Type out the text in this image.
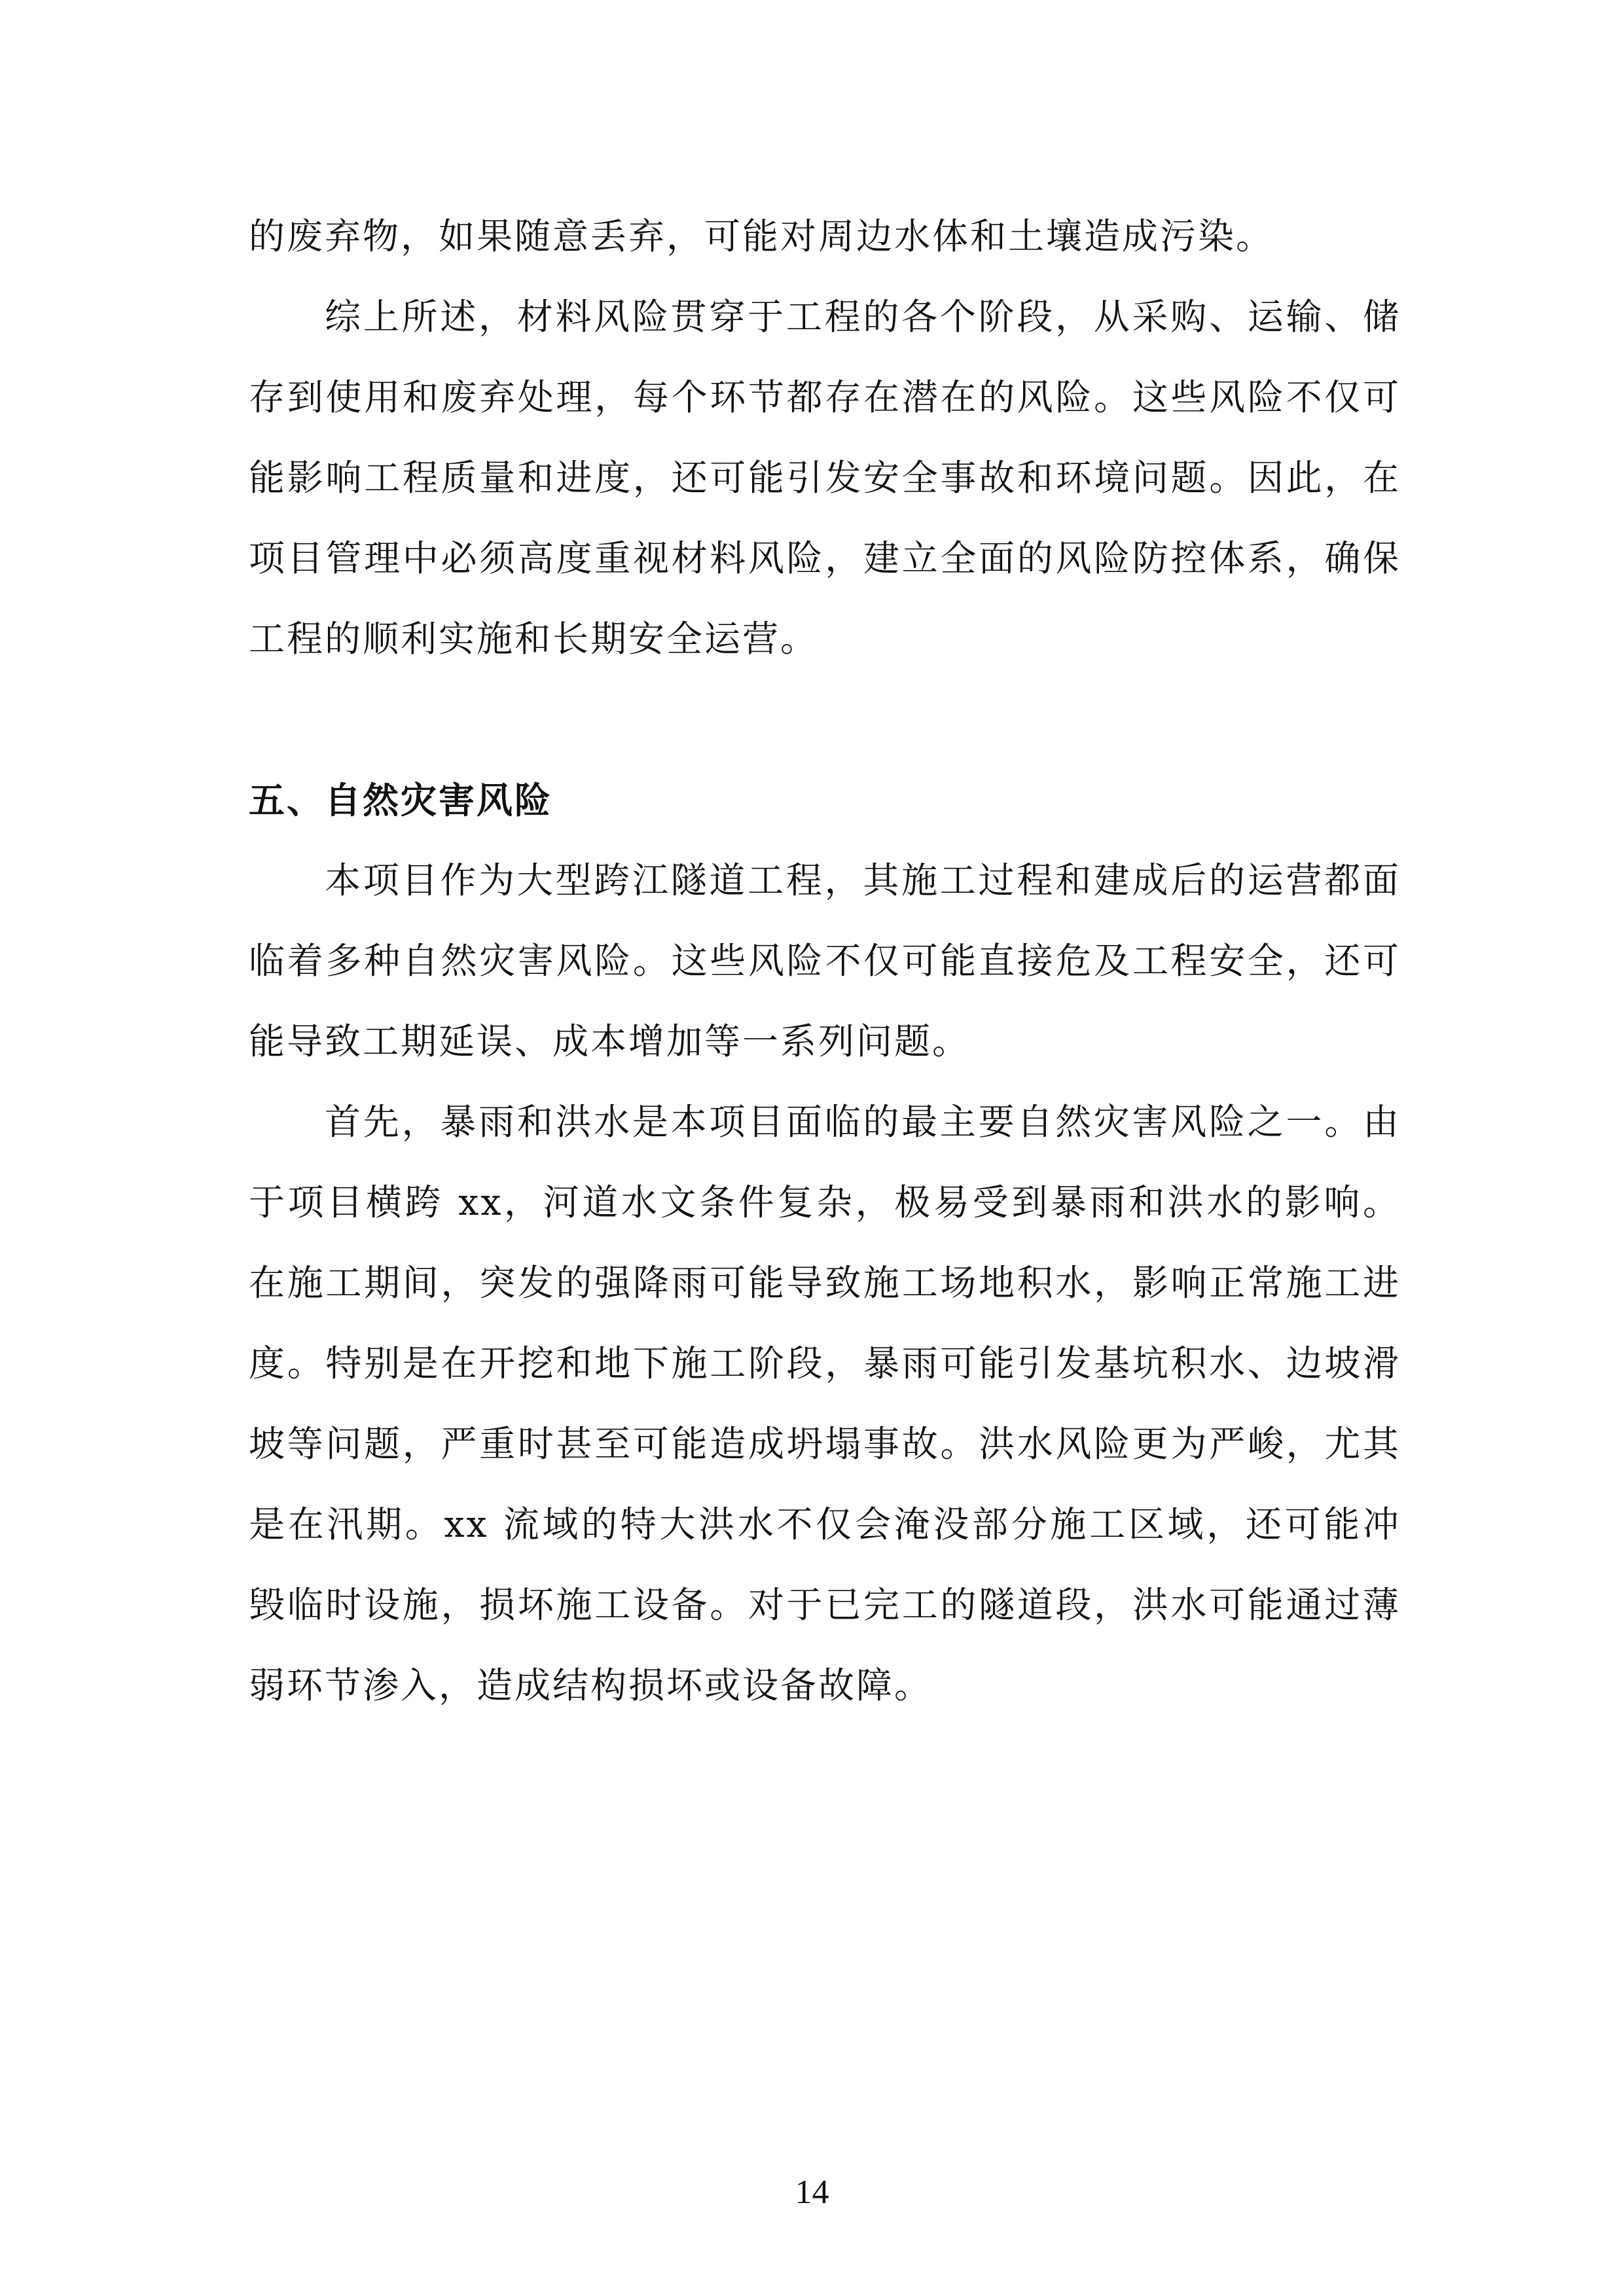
的废弃物，如果随意丢弃，可能对周边水体和土壤造成污染。

综上所述，材料风险贯穿于工程的各个阶段，从采购、运输、储存到使用和废弃处理，每个环节都存在潜在的风险。这些风险不仅可能影响工程质量和进度，还可能引发安全事故和环境问题。因此，在项目管理中必须高度重视材料风险，建立全面的风险防控体系，确保工程的顺利实施和长期安全运营。

五、自然灾害风险

本项目作为大型跨江隧道工程，其施工过程和建成后的运营都面临着多种自然灾害风险。这些风险不仅可能直接危及工程安全，还可能导致工期延误、成本增加等一系列问题。

首先，暴雨和洪水是本项目面临的最主要自然灾害风险之一。由于项目横跨 xx，河道水文条件复杂，极易受到暴雨和洪水的影响。在施工期间，突发的强降雨可能导致施工场地积水，影响正常施工进度。特别是在开挖和地下施工阶段，暴雨可能引发基坑积水、边坡滑坡等问题，严重时甚至可能造成坍塌事故。洪水风险更为严峻，尤其是在汛期。xx 流域的特大洪水不仅会淹没部分施工区域，还可能冲毁临时设施，损坏施工设备。对于已完工的隧道段，洪水可能通过薄弱环节渗入，造成结构损坏或设备故障。

14
